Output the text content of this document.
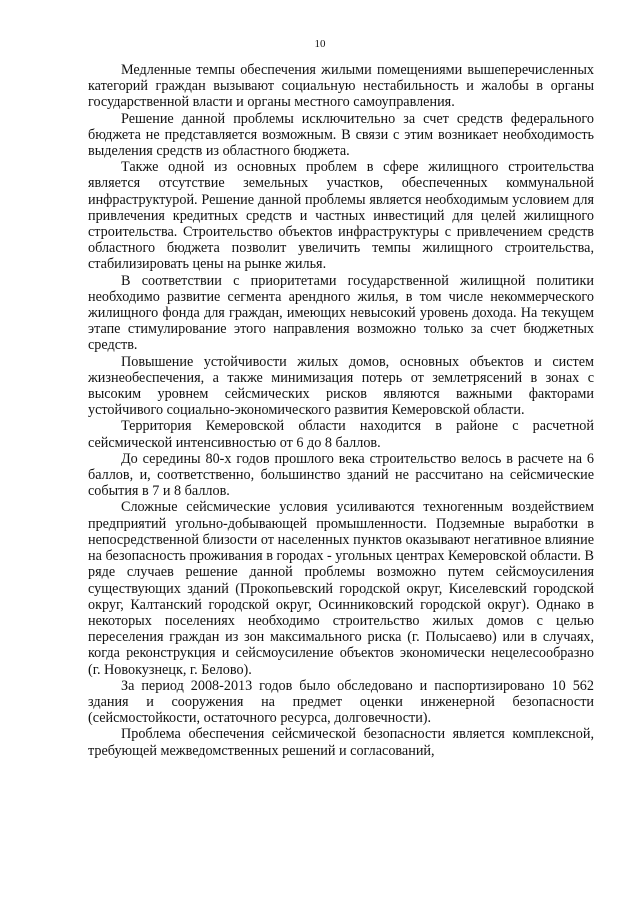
10

Медленные темпы обеспечения жилыми помещениями вышеперечисленных категорий граждан вызывают социальную нестабильность и жалобы в органы государственной власти и органы местного самоуправления.

Решение данной проблемы исключительно за счет средств федерального бюджета не представляется возможным. В связи с этим возникает необходимость выделения средств из областного бюджета.

Также одной из основных проблем в сфере жилищного строительства является отсутствие земельных участков, обеспеченных коммунальной инфраструктурой. Решение данной проблемы является необходимым условием для привлечения кредитных средств и частных инвестиций для целей жилищного строительства. Строительство объектов инфраструктуры с привлечением средств областного бюджета позволит увеличить темпы жилищного строительства, стабилизировать цены на рынке жилья.

В соответствии с приоритетами государственной жилищной политики необходимо развитие сегмента арендного жилья, в том числе некоммерческого жилищного фонда для граждан, имеющих невысокий уровень дохода. На текущем этапе стимулирование этого направления возможно только за счет бюджетных средств.

Повышение устойчивости жилых домов, основных объектов и систем жизнеобеспечения, а также минимизация потерь от землетрясений в зонах с высоким уровнем сейсмических рисков являются важными факторами устойчивого социально-экономического развития Кемеровской области.

Территория Кемеровской области находится в районе с расчетной сейсмической интенсивностью от 6 до 8 баллов.

До середины 80-х годов прошлого века строительство велось в расчете на 6 баллов, и, соответственно, большинство зданий не рассчитано на сейсмические события в 7 и 8 баллов.

Сложные сейсмические условия усиливаются техногенным воздействием предприятий угольно-добывающей промышленности. Подземные выработки в непосредственной близости от населенных пунктов оказывают негативное влияние на безопасность проживания в городах - угольных центрах Кемеровской области. В ряде случаев решение данной проблемы возможно путем сейсмоусиления существующих зданий (Прокопьевский городской округ, Киселевский городской округ, Калтанский городской округ, Осинниковский городской округ). Однако в некоторых поселениях необходимо строительство жилых домов с целью переселения граждан из зон максимального риска (г. Полысаево) или в случаях, когда реконструкция и сейсмоусиление объектов экономически нецелесообразно (г. Новокузнецк, г. Белово).

За период 2008-2013 годов было обследовано и паспортизировано 10 562 здания и сооружения на предмет оценки инженерной безопасности (сейсмостойкости, остаточного ресурса, долговечности).

Проблема обеспечения сейсмической безопасности является комплексной, требующей межведомственных решений и согласований,
